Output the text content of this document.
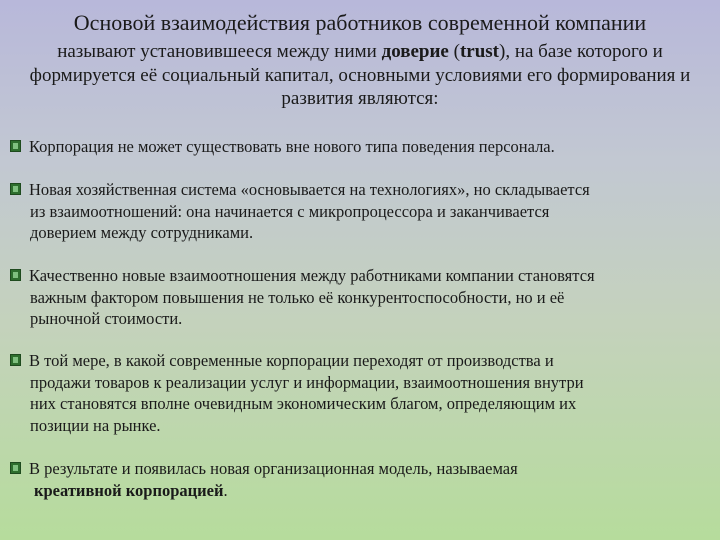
Основой взаимодействия работников современной компании

называют установившееся между ними доверие (trust), на базе которого и
формируется её социальный капитал, основными условиями его формирования и
развития являются:

Корпорация не может существовать вне нового типа поведения персонала.
Новая хозяйственная система «основывается на технологиях», но складывается
из взаимоотношений: она начинается с микропроцессора и заканчивается
доверием между сотрудниками.
Качественно новые взаимоотношения между работниками компании становятся
важным фактором повышения не только её конкурентоспособности, но и её
рыночной стоимости.
В той мере, в какой современные корпорации переходят от производства и
продажи товаров к реализации услуг и информации, взаимоотношения внутри
них становятся вполне очевидным экономическим благом, определяющим их
позиции на рынке.
В результате и появилась новая организационная модель, называемая
креативной корпорацией.
